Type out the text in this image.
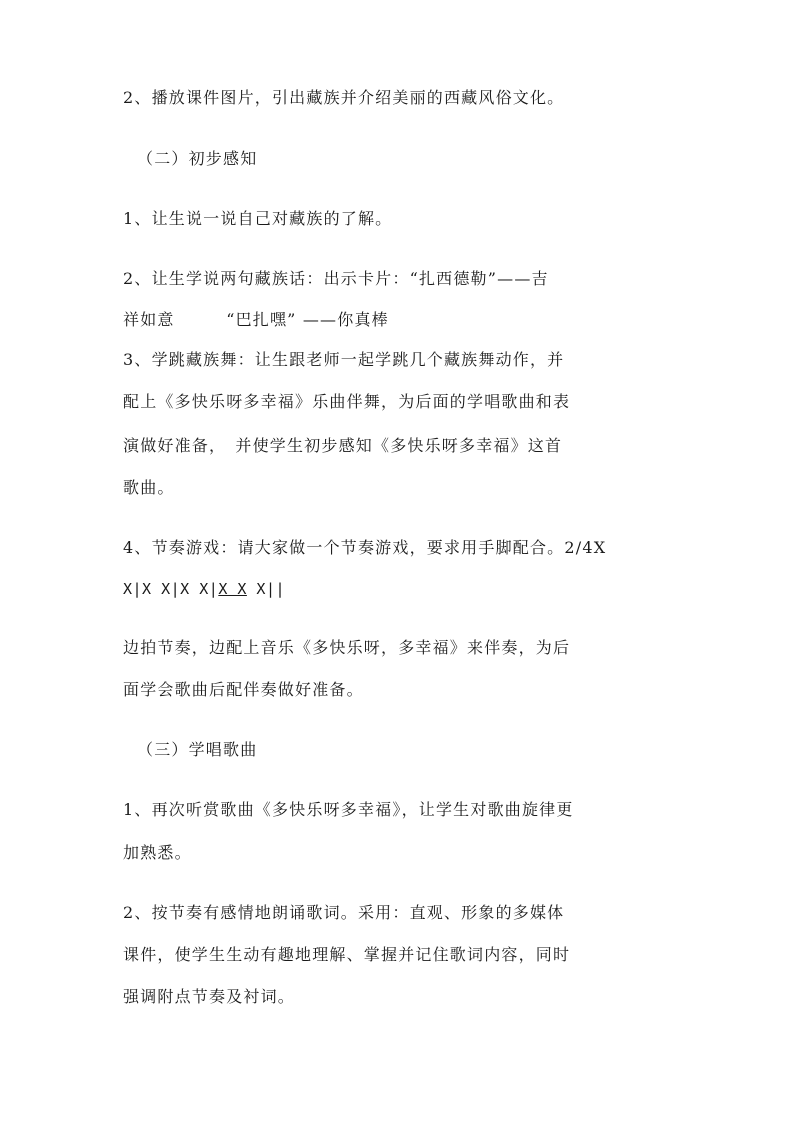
2、播放课件图片，引出藏族并介绍美丽的西藏风俗文化。
（二）初步感知
1、让生说一说自己对藏族的了解。
2、让生学说两句藏族话：出示卡片：“扎西德勒”——吉
祥如意　　　“巴扎嘿” ——你真棒
3、学跳藏族舞：让生跟老师一起学跳几个藏族舞动作，并
配上《多快乐呀多幸福》乐曲伴舞，为后面的学唱歌曲和表
演做好准备，　并使学生初步感知《多快乐呀多幸福》这首
歌曲。
4、节奏游戏：请大家做一个节奏游戏，要求用手脚配合。2/4X
X|X X|X X|X X X||
边拍节奏，边配上音乐《多快乐呀，多幸福》来伴奏，为后
面学会歌曲后配伴奏做好准备。
（三）学唱歌曲
1、再次听赏歌曲《多快乐呀多幸福》，让学生对歌曲旋律更
加熟悉。
2、按节奏有感情地朗诵歌词。采用：直观、形象的多媒体
课件，使学生生动有趣地理解、掌握并记住歌词内容，同时
强调附点节奏及衬词。
